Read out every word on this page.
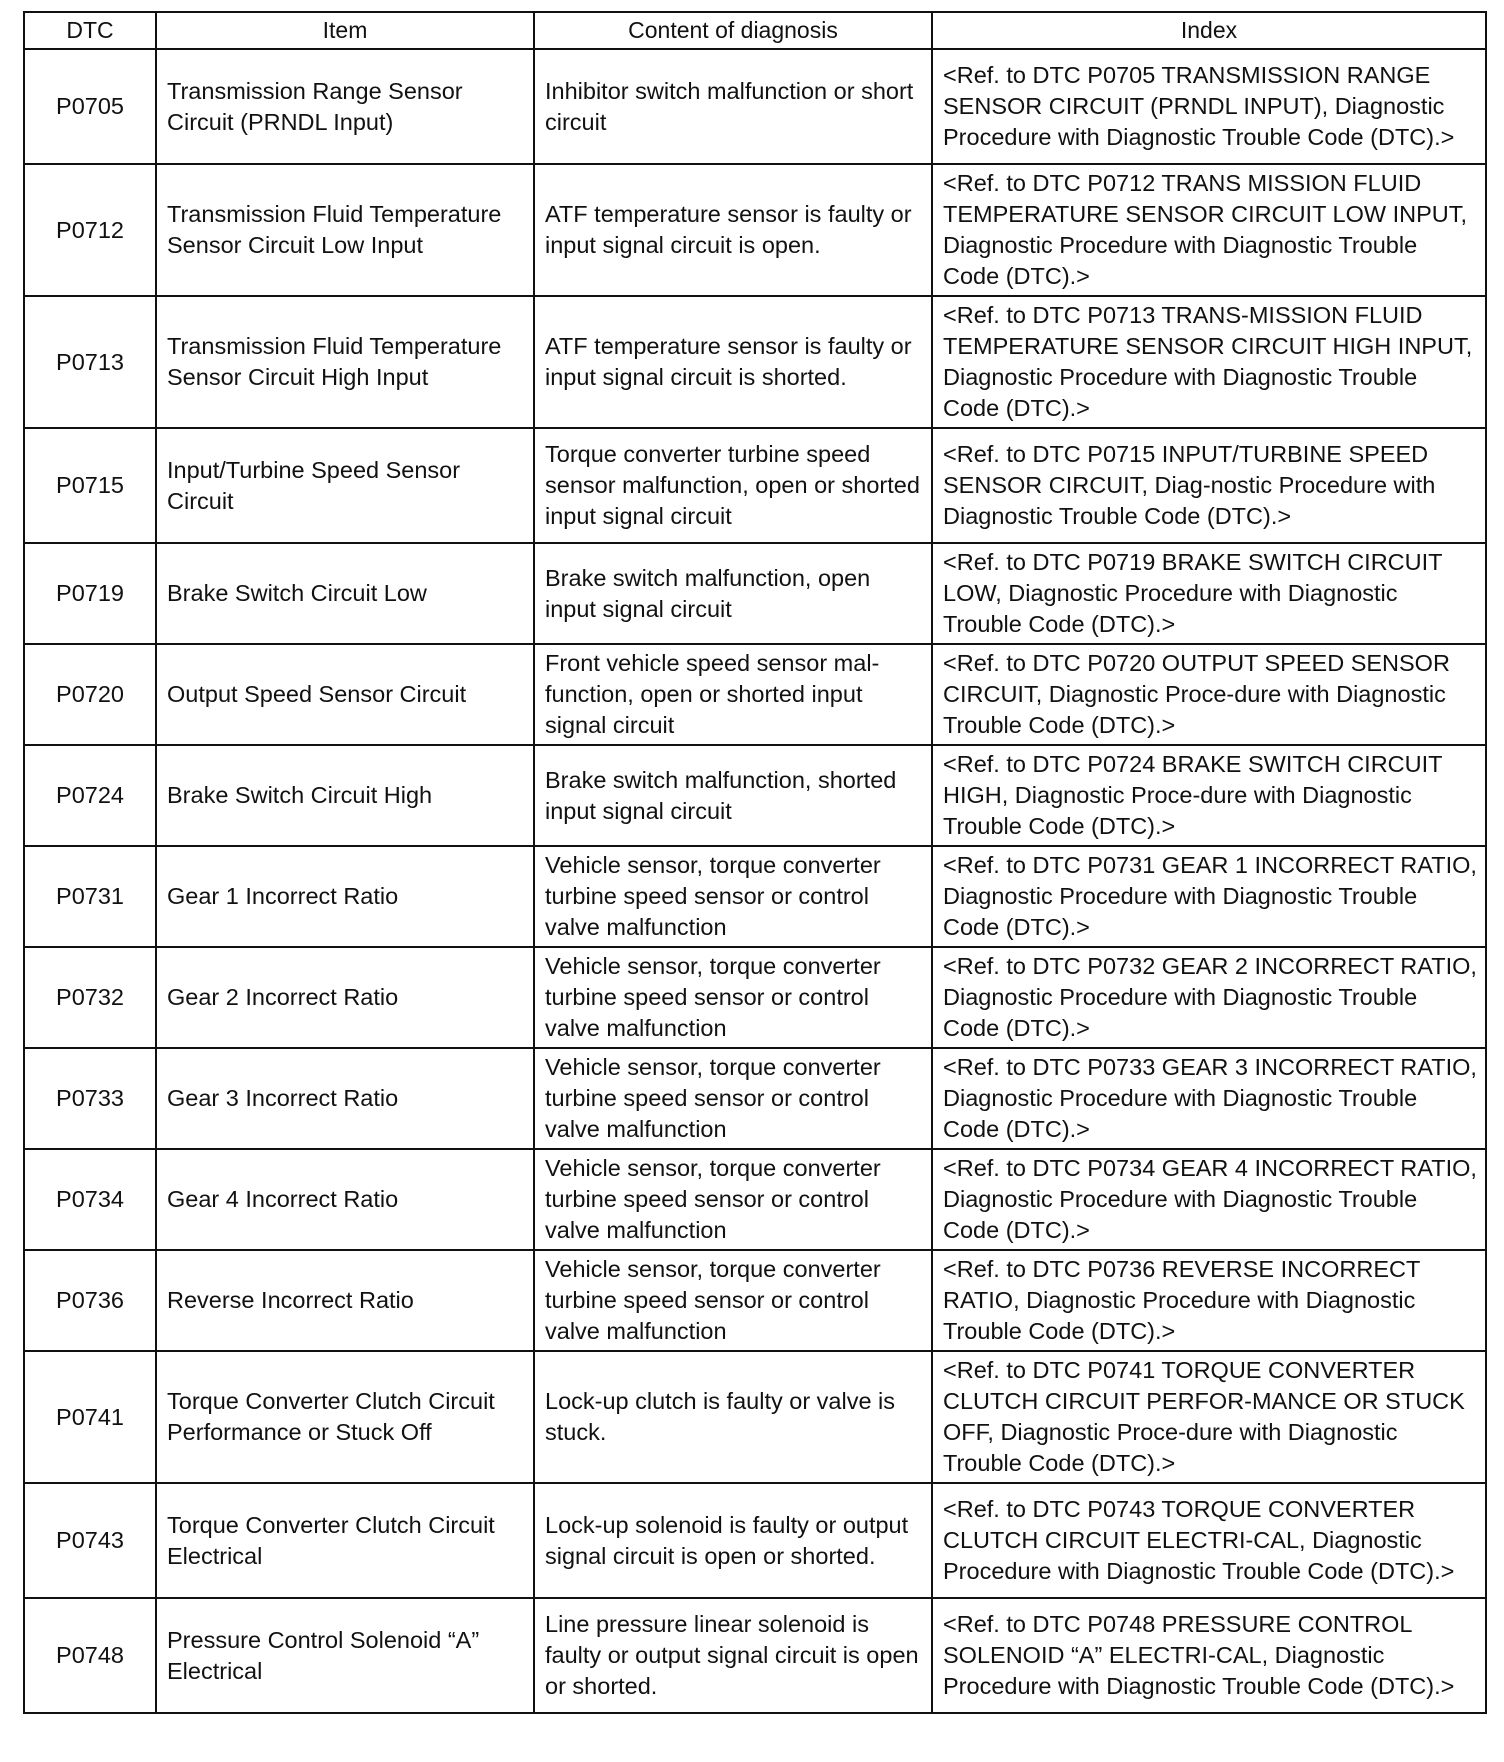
DTC	Item	Content of diagnosis	Index
P0705	Transmission Range Sensor Circuit (PRNDL Input)	Inhibitor switch malfunction or short circuit	<Ref. to DTC P0705 TRANSMISSION RANGE SENSOR CIRCUIT (PRNDL INPUT), Diagnostic Procedure with Diagnostic Trouble Code (DTC).>
P0712	Transmission Fluid Temperature Sensor Circuit Low Input	ATF temperature sensor is faulty or input signal circuit is open.	<Ref. to DTC P0712 TRANS MISSION FLUID TEMPERATURE SENSOR CIRCUIT LOW INPUT, Diagnostic Procedure with Diagnostic Trouble Code (DTC).>
P0713	Transmission Fluid Temperature Sensor Circuit High Input	ATF temperature sensor is faulty or input signal circuit is shorted.	<Ref. to DTC P0713 TRANS-MISSION FLUID TEMPERATURE SENSOR CIRCUIT HIGH INPUT, Diagnostic Procedure with Diagnostic Trouble Code (DTC).>
P0715	Input/Turbine Speed Sensor Circuit	Torque converter turbine speed sensor malfunction, open or shorted input signal circuit	<Ref. to DTC P0715 INPUT/TURBINE SPEED SENSOR CIRCUIT, Diag-nostic Procedure with Diagnostic Trouble Code (DTC).>
P0719	Brake Switch Circuit Low	Brake switch malfunction, open input signal circuit	<Ref. to DTC P0719 BRAKE SWITCH CIRCUIT LOW, Diagnostic Procedure with Diagnostic Trouble Code (DTC).>
P0720	Output Speed Sensor Circuit	Front vehicle speed sensor mal-function, open or shorted input signal circuit	<Ref. to DTC P0720 OUTPUT SPEED SENSOR CIRCUIT, Diagnostic Proce-dure with Diagnostic Trouble Code (DTC).>
P0724	Brake Switch Circuit High	Brake switch malfunction, shorted input signal circuit	<Ref. to DTC P0724 BRAKE SWITCH CIRCUIT HIGH, Diagnostic Proce-dure with Diagnostic Trouble Code (DTC).>
P0731	Gear 1 Incorrect Ratio	Vehicle sensor, torque converter turbine speed sensor or control valve malfunction	<Ref. to DTC P0731 GEAR 1 INCORRECT RATIO, Diagnostic Procedure with Diagnostic Trouble Code (DTC).>
P0732	Gear 2 Incorrect Ratio	Vehicle sensor, torque converter turbine speed sensor or control valve malfunction	<Ref. to DTC P0732 GEAR 2 INCORRECT RATIO, Diagnostic Procedure with Diagnostic Trouble Code (DTC).>
P0733	Gear 3 Incorrect Ratio	Vehicle sensor, torque converter turbine speed sensor or control valve malfunction	<Ref. to DTC P0733 GEAR 3 INCORRECT RATIO, Diagnostic Procedure with Diagnostic Trouble Code (DTC).>
P0734	Gear 4 Incorrect Ratio	Vehicle sensor, torque converter turbine speed sensor or control valve malfunction	<Ref. to DTC P0734 GEAR 4 INCORRECT RATIO, Diagnostic Procedure with Diagnostic Trouble Code (DTC).>
P0736	Reverse Incorrect Ratio	Vehicle sensor, torque converter turbine speed sensor or control valve malfunction	<Ref. to DTC P0736 REVERSE INCORRECT RATIO, Diagnostic Procedure with Diagnostic Trouble Code (DTC).>
P0741	Torque Converter Clutch Circuit Performance or Stuck Off	Lock-up clutch is faulty or valve is stuck.	<Ref. to DTC P0741 TORQUE CONVERTER CLUTCH CIRCUIT PERFOR-MANCE OR STUCK OFF, Diagnostic Proce-dure with Diagnostic Trouble Code (DTC).>
P0743	Torque Converter Clutch Circuit Electrical	Lock-up solenoid is faulty or output signal circuit is open or shorted.	<Ref. to DTC P0743 TORQUE CONVERTER CLUTCH CIRCUIT ELECTRI-CAL, Diagnostic Procedure with Diagnostic Trouble Code (DTC).>
P0748	Pressure Control Solenoid “A” Electrical	Line pressure linear solenoid is faulty or output signal circuit is open or shorted.	<Ref. to DTC P0748 PRESSURE CONTROL SOLENOID “A” ELECTRI-CAL, Diagnostic Procedure with Diagnostic Trouble Code (DTC).>
